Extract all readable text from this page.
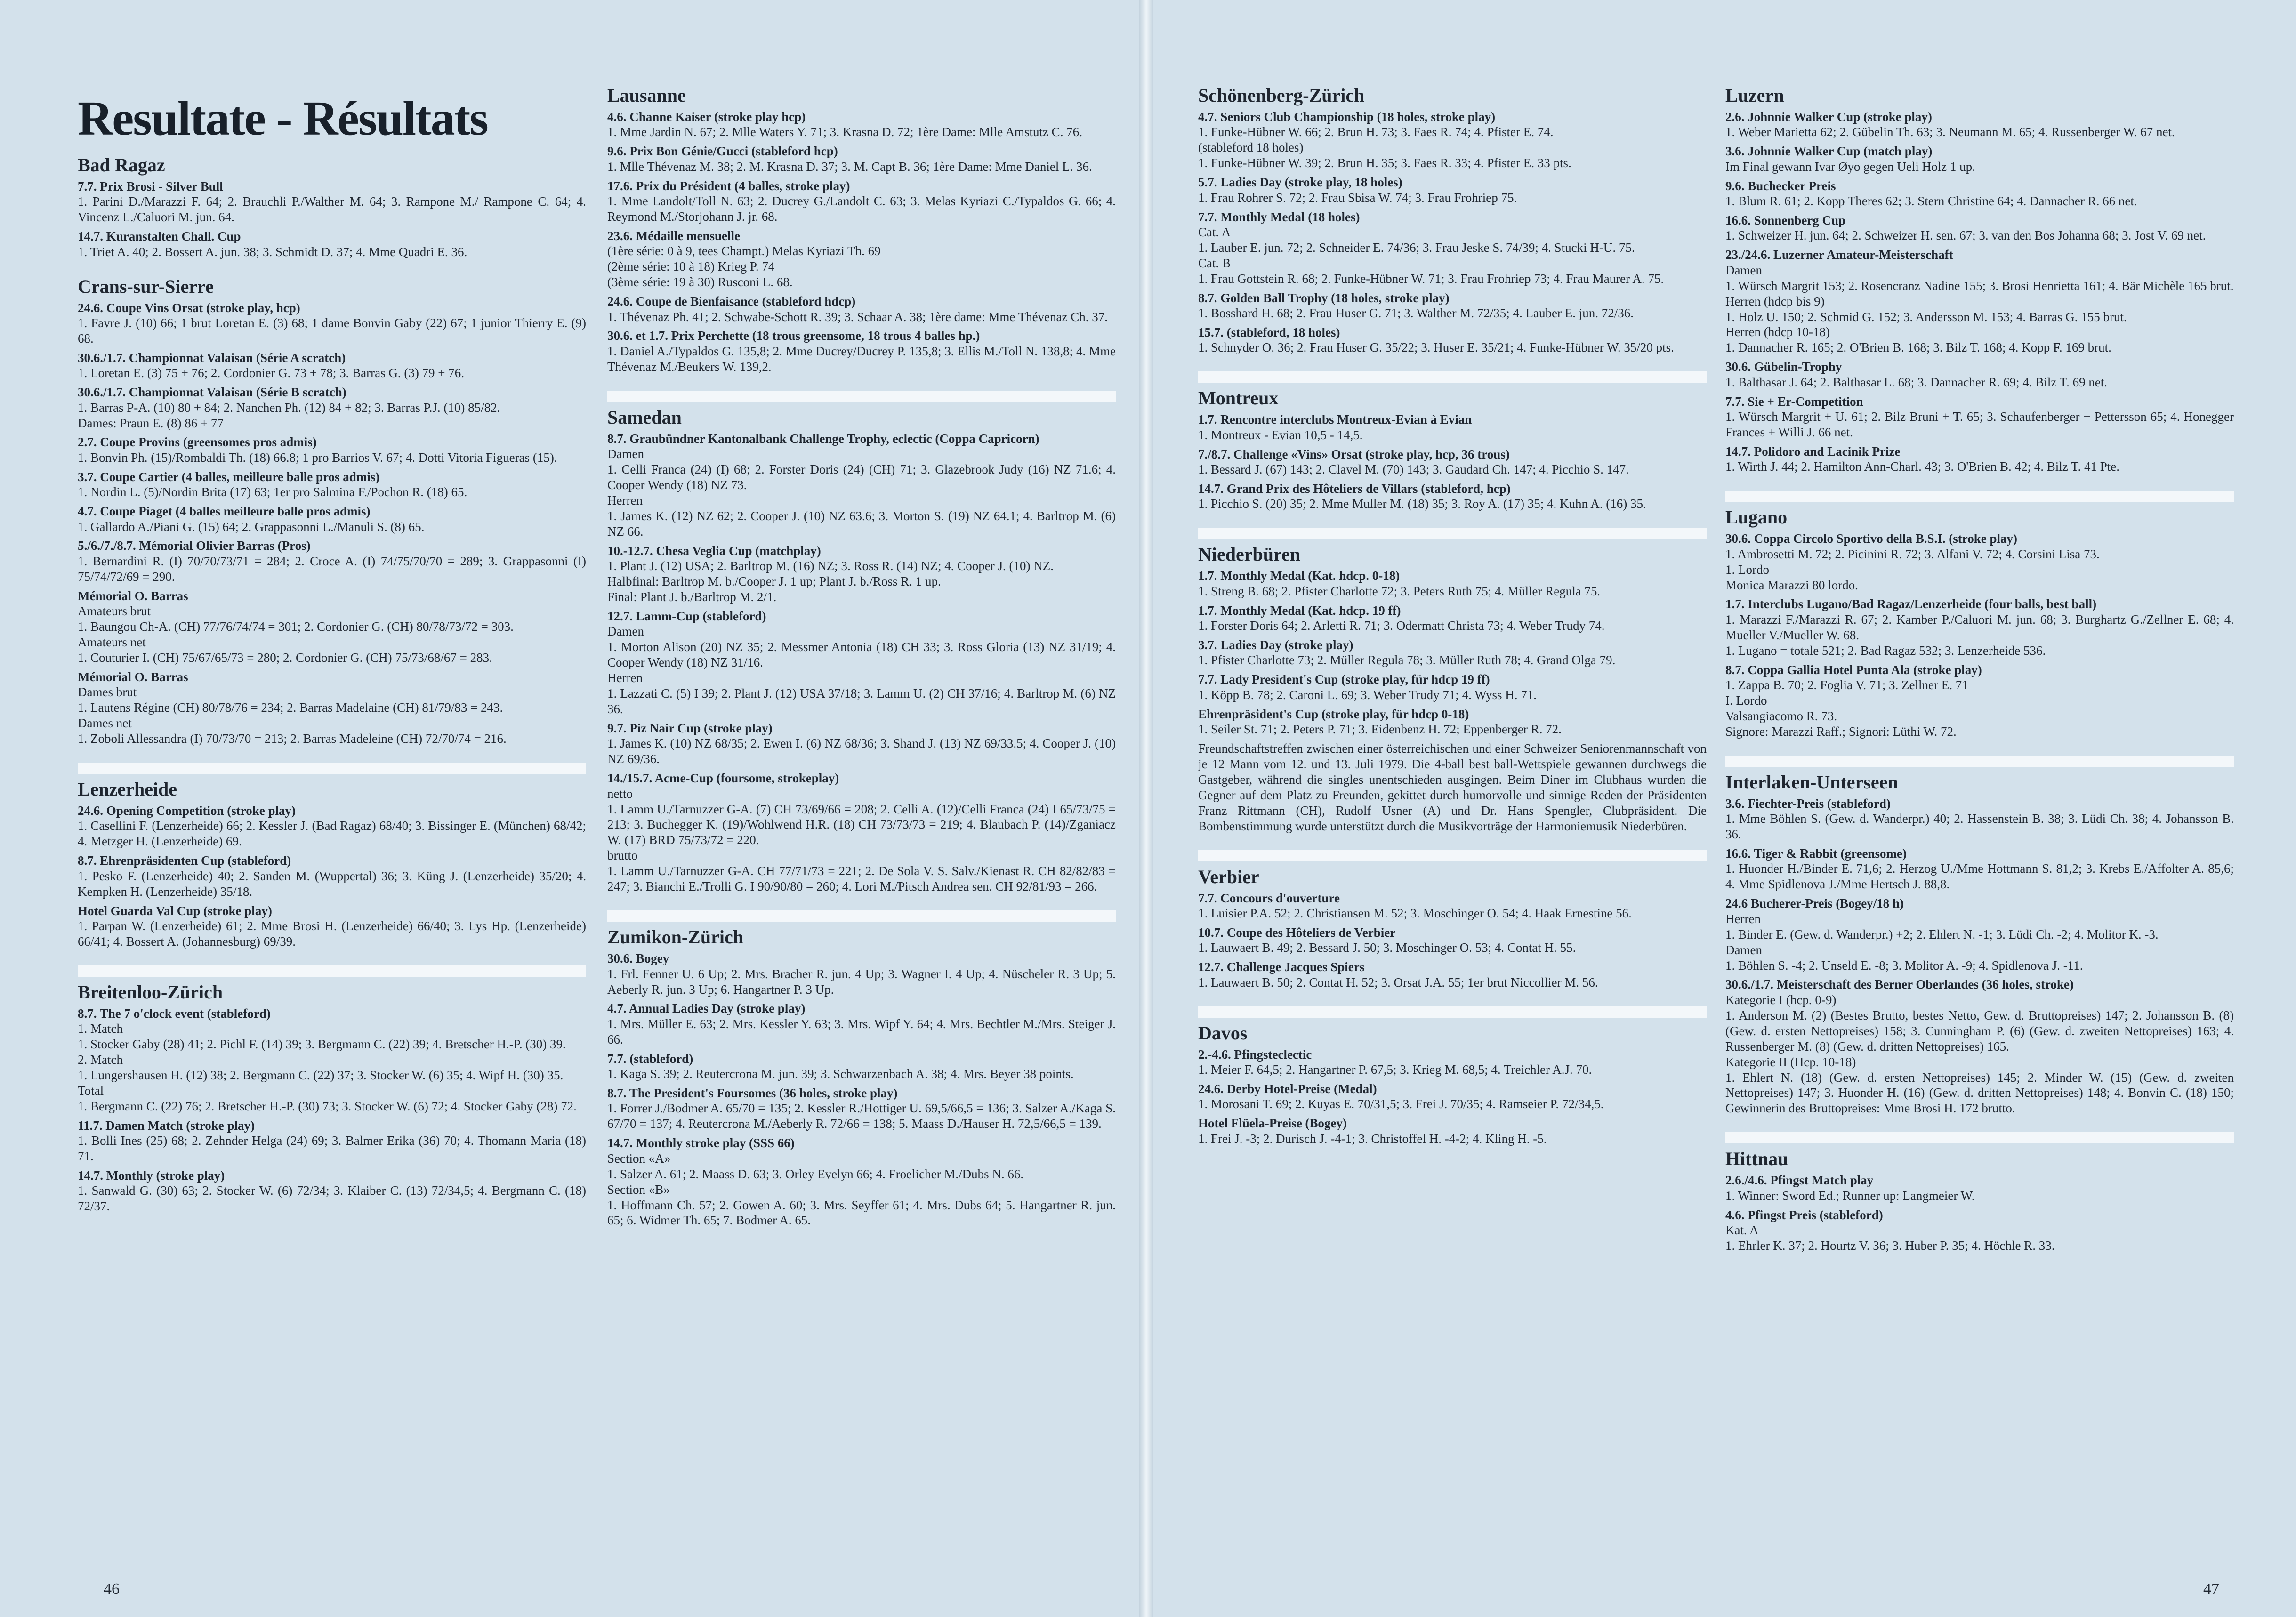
Resultate - Résultats
Bad Ragaz
7.7. Prix Brosi - Silver Bull
1. Parini D./Marazzi F. 64; 2. Brauchli P./Walther M. 64; 3. Rampone M./ Rampone C. 64; 4. Vincenz L./Caluori M. jun. 64.
14.7. Kuranstalten Chall. Cup
1. Triet A. 40; 2. Bossert A. jun. 38; 3. Schmidt D. 37; 4. Mme Quadri E. 36.
Crans-sur-Sierre
24.6. Coupe Vins Orsat (stroke play, hcp)
1. Favre J. (10) 66; 1 brut Loretan E. (3) 68; 1 dame Bonvin Gaby (22) 67; 1 junior Thierry E. (9) 68.
30.6./1.7. Championnat Valaisan (Série A scratch)
1. Loretan E. (3) 75 + 76; 2. Cordonier G. 73 + 78; 3. Barras G. (3) 79 + 76.
30.6./1.7. Championnat Valaisan (Série B scratch)
1. Barras P-A. (10) 80 + 84; 2. Nanchen Ph. (12) 84 + 82; 3. Barras P.J. (10) 85/82.
Dames: Praun E. (8) 86 + 77
2.7. Coupe Provins (greensomes pros admis)
1. Bonvin Ph. (15)/Rombaldi Th. (18) 66.8; 1 pro Barrios V. 67; 4. Dotti Vitoria Figueras (15).
3.7. Coupe Cartier (4 balles, meilleure balle pros admis)
1. Nordin L. (5)/Nordin Brita (17) 63; 1er pro Salmina F./Pochon R. (18) 65.
4.7. Coupe Piaget (4 balles meilleure balle pros admis)
1. Gallardo A./Piani G. (15) 64; 2. Grappasonni L./Manuli S. (8) 65.
5./6./7./8.7. Mémorial Olivier Barras (Pros)
1. Bernardini R. (I) 70/70/73/71 = 284; 2. Croce A. (I) 74/75/70/70 = 289; 3. Grappasonni (I) 75/74/72/69 = 290.
Mémorial O. Barras
Amateurs brut
1. Baungou Ch-A. (CH) 77/76/74/74 = 301; 2. Cordonier G. (CH) 80/78/73/72 = 303.
Amateurs net
1. Couturier I. (CH) 75/67/65/73 = 280; 2. Cordonier G. (CH) 75/73/68/67 = 283.
Mémorial O. Barras
Dames brut
1. Lautens Régine (CH) 80/78/76 = 234; 2. Barras Madelaine (CH) 81/79/83 = 243.
Dames net
1. Zoboli Allessandra (I) 70/73/70 = 213; 2. Barras Madeleine (CH) 72/70/74 = 216.
Lenzerheide
24.6. Opening Competition (stroke play)
1. Casellini F. (Lenzerheide) 66; 2. Kessler J. (Bad Ragaz) 68/40; 3. Bissinger E. (München) 68/42; 4. Metzger H. (Lenzerheide) 69.
8.7. Ehrenpräsidenten Cup (stableford)
1. Pesko F. (Lenzerheide) 40; 2. Sanden M. (Wuppertal) 36; 3. Küng J. (Lenzerheide) 35/20; 4. Kempken H. (Lenzerheide) 35/18.
Hotel Guarda Val Cup (stroke play)
1. Parpan W. (Lenzerheide) 61; 2. Mme Brosi H. (Lenzerheide) 66/40; 3. Lys Hp. (Lenzerheide) 66/41; 4. Bossert A. (Johannesburg) 69/39.
Breitenloo-Zürich
8.7. The 7 o'clock event (stableford)
1. Match
1. Stocker Gaby (28) 41; 2. Pichl F. (14) 39; 3. Bergmann C. (22) 39; 4. Bretscher H.-P. (30) 39.
2. Match
1. Lungershausen H. (12) 38; 2. Bergmann C. (22) 37; 3. Stocker W. (6) 35; 4. Wipf H. (30) 35.
Total
1. Bergmann C. (22) 76; 2. Bretscher H.-P. (30) 73; 3. Stocker W. (6) 72; 4. Stocker Gaby (28) 72.
11.7. Damen Match (stroke play)
1. Bolli Ines (25) 68; 2. Zehnder Helga (24) 69; 3. Balmer Erika (36) 70; 4. Thomann Maria (18) 71.
14.7. Monthly (stroke play)
1. Sanwald G. (30) 63; 2. Stocker W. (6) 72/34; 3. Klaiber C. (13) 72/34,5; 4. Bergmann C. (18) 72/37.
Lausanne
4.6. Channe Kaiser (stroke play hcp)
1. Mme Jardin N. 67; 2. Mlle Waters Y. 71; 3. Krasna D. 72; 1ère Dame: Mlle Amstutz C. 76.
9.6. Prix Bon Génie/Gucci (stableford hcp)
1. Mlle Thévenaz M. 38; 2. M. Krasna D. 37; 3. M. Capt B. 36; 1ère Dame: Mme Daniel L. 36.
17.6. Prix du Président (4 balles, stroke play)
1. Mme Landolt/Toll N. 63; 2. Ducrey G./Landolt C. 63; 3. Melas Kyriazi C./Typaldos G. 66; 4. Reymond M./Storjohann J. jr. 68.
23.6. Médaille mensuelle
(1ère série: 0 à 9, tees Champt.) Melas Kyriazi Th. 69
(2ème série: 10 à 18) Krieg P. 74
(3ème série: 19 à 30) Rusconi L. 68.
24.6. Coupe de Bienfaisance (stableford hdcp)
1. Thévenaz Ph. 41; 2. Schwabe-Schott R. 39; 3. Schaar A. 38; 1ère dame: Mme Thévenaz Ch. 37.
30.6. et 1.7. Prix Perchette (18 trous greensome, 18 trous 4 balles hp.)
1. Daniel A./Typaldos G. 135,8; 2. Mme Ducrey/Ducrey P. 135,8; 3. Ellis M./Toll N. 138,8; 4. Mme Thévenaz M./Beukers W. 139,2.
Samedan
8.7. Graubündner Kantonalbank Challenge Trophy, eclectic (Coppa Capricorn)
Damen
1. Celli Franca (24) (I) 68; 2. Forster Doris (24) (CH) 71; 3. Glazebrook Judy (16) NZ 71.6; 4. Cooper Wendy (18) NZ 73.
Herren
1. James K. (12) NZ 62; 2. Cooper J. (10) NZ 63.6; 3. Morton S. (19) NZ 64.1; 4. Barltrop M. (6) NZ 66.
10.-12.7. Chesa Veglia Cup (matchplay)
1. Plant J. (12) USA; 2. Barltrop M. (16) NZ; 3. Ross R. (14) NZ; 4. Cooper J. (10) NZ.
Halbfinal: Barltrop M. b./Cooper J. 1 up; Plant J. b./Ross R. 1 up.
Final: Plant J. b./Barltrop M. 2/1.
12.7. Lamm-Cup (stableford)
Damen
1. Morton Alison (20) NZ 35; 2. Messmer Antonia (18) CH 33; 3. Ross Gloria (13) NZ 31/19; 4. Cooper Wendy (18) NZ 31/16.
Herren
1. Lazzati C. (5) I 39; 2. Plant J. (12) USA 37/18; 3. Lamm U. (2) CH 37/16; 4. Barltrop M. (6) NZ 36.
9.7. Piz Nair Cup (stroke play)
1. James K. (10) NZ 68/35; 2. Ewen I. (6) NZ 68/36; 3. Shand J. (13) NZ 69/33.5; 4. Cooper J. (10) NZ 69/36.
14./15.7. Acme-Cup (foursome, strokeplay)
netto
1. Lamm U./Tarnuzzer G-A. (7) CH 73/69/66 = 208; 2. Celli A. (12)/Celli Franca (24) I 65/73/75 = 213; 3. Buchegger K. (19)/Wohlwend H.R. (18) CH 73/73/73 = 219; 4. Blaubach P. (14)/Zganiacz W. (17) BRD 75/73/72 = 220.
brutto
1. Lamm U./Tarnuzzer G-A. CH 77/71/73 = 221; 2. De Sola V. S. Salv./Kienast R. CH 82/82/83 = 247; 3. Bianchi E./Trolli G. I 90/90/80 = 260; 4. Lori M./Pitsch Andrea sen. CH 92/81/93 = 266.
Zumikon-Zürich
30.6. Bogey
1. Frl. Fenner U. 6 Up; 2. Mrs. Bracher R. jun. 4 Up; 3. Wagner I. 4 Up; 4. Nüscheler R. 3 Up; 5. Aeberly R. jun. 3 Up; 6. Hangartner P. 3 Up.
4.7. Annual Ladies Day (stroke play)
1. Mrs. Müller E. 63; 2. Mrs. Kessler Y. 63; 3. Mrs. Wipf Y. 64; 4. Mrs. Bechtler M./Mrs. Steiger J. 66.
7.7. (stableford)
1. Kaga S. 39; 2. Reutercrona M. jun. 39; 3. Schwarzenbach A. 38; 4. Mrs. Beyer 38 points.
8.7. The President's Foursomes (36 holes, stroke play)
1. Forrer J./Bodmer A. 65/70 = 135; 2. Kessler R./Hottiger U. 69,5/66,5 = 136; 3. Salzer A./Kaga S. 67/70 = 137; 4. Reutercrona M./Aeberly R. 72/66 = 138; 5. Maass D./Hauser H. 72,5/66,5 = 139.
14.7. Monthly stroke play (SSS 66)
Section «A»
1. Salzer A. 61; 2. Maass D. 63; 3. Orley Evelyn 66; 4. Froelicher M./Dubs N. 66.
Section «B»
1. Hoffmann Ch. 57; 2. Gowen A. 60; 3. Mrs. Seyffer 61; 4. Mrs. Dubs 64; 5. Hangartner R. jun. 65; 6. Widmer Th. 65; 7. Bodmer A. 65.
46
Schönenberg-Zürich
4.7. Seniors Club Championship (18 holes, stroke play)
1. Funke-Hübner W. 66; 2. Brun H. 73; 3. Faes R. 74; 4. Pfister E. 74.
(stableford 18 holes)
1. Funke-Hübner W. 39; 2. Brun H. 35; 3. Faes R. 33; 4. Pfister E. 33 pts.
5.7. Ladies Day (stroke play, 18 holes)
1. Frau Rohrer S. 72; 2. Frau Sbisa W. 74; 3. Frau Frohriep 75.
7.7. Monthly Medal (18 holes)
Cat. A
1. Lauber E. jun. 72; 2. Schneider E. 74/36; 3. Frau Jeske S. 74/39; 4. Stucki H-U. 75.
Cat. B
1. Frau Gottstein R. 68; 2. Funke-Hübner W. 71; 3. Frau Frohriep 73; 4. Frau Maurer A. 75.
8.7. Golden Ball Trophy (18 holes, stroke play)
1. Bosshard H. 68; 2. Frau Huser G. 71; 3. Walther M. 72/35; 4. Lauber E. jun. 72/36.
15.7. (stableford, 18 holes)
1. Schnyder O. 36; 2. Frau Huser G. 35/22; 3. Huser E. 35/21; 4. Funke-Hübner W. 35/20 pts.
Montreux
1.7. Rencontre interclubs Montreux-Evian à Evian
1. Montreux - Evian 10,5 - 14,5.
7./8.7. Challenge «Vins» Orsat (stroke play, hcp, 36 trous)
1. Bessard J. (67) 143; 2. Clavel M. (70) 143; 3. Gaudard Ch. 147; 4. Picchio S. 147.
14.7. Grand Prix des Hôteliers de Villars (stableford, hcp)
1. Picchio S. (20) 35; 2. Mme Muller M. (18) 35; 3. Roy A. (17) 35; 4. Kuhn A. (16) 35.
Niederbüren
1.7. Monthly Medal (Kat. hdcp. 0-18)
1. Streng B. 68; 2. Pfister Charlotte 72; 3. Peters Ruth 75; 4. Müller Regula 75.
1.7. Monthly Medal (Kat. hdcp. 19 ff)
1. Forster Doris 64; 2. Arletti R. 71; 3. Odermatt Christa 73; 4. Weber Trudy 74.
3.7. Ladies Day (stroke play)
1. Pfister Charlotte 73; 2. Müller Regula 78; 3. Müller Ruth 78; 4. Grand Olga 79.
7.7. Lady President's Cup (stroke play, für hdcp 19 ff)
1. Köpp B. 78; 2. Caroni L. 69; 3. Weber Trudy 71; 4. Wyss H. 71.
Ehrenpräsident's Cup (stroke play, für hdcp 0-18)
1. Seiler St. 71; 2. Peters P. 71; 3. Eidenbenz H. 72; Eppenberger R. 72.
Freundschaftstreffen zwischen einer österreichischen und einer Schweizer Seniorenmannschaft von je 12 Mann vom 12. und 13. Juli 1979. Die 4-ball best ball-Wettspiele gewannen durchwegs die Gastgeber, während die singles unentschieden ausgingen. Beim Diner im Clubhaus wurden die Gegner auf dem Platz zu Freunden, gekittet durch humorvolle und sinnige Reden der Präsidenten Franz Rittmann (CH), Rudolf Usner (A) und Dr. Hans Spengler, Clubpräsident. Die Bombenstimmung wurde unterstützt durch die Musikvorträge der Harmoniemusik Niederbüren.
Verbier
7.7. Concours d'ouverture
1. Luisier P.A. 52; 2. Christiansen M. 52; 3. Moschinger O. 54; 4. Haak Ernestine 56.
10.7. Coupe des Hôteliers de Verbier
1. Lauwaert B. 49; 2. Bessard J. 50; 3. Moschinger O. 53; 4. Contat H. 55.
12.7. Challenge Jacques Spiers
1. Lauwaert B. 50; 2. Contat H. 52; 3. Orsat J.A. 55; 1er brut Niccollier M. 56.
Davos
2.-4.6. Pfingsteclectic
1. Meier F. 64,5; 2. Hangartner P. 67,5; 3. Krieg M. 68,5; 4. Treichler A.J. 70.
24.6. Derby Hotel-Preise (Medal)
1. Morosani T. 69; 2. Kuyas E. 70/31,5; 3. Frei J. 70/35; 4. Ramseier P. 72/34,5.
Hotel Flüela-Preise (Bogey)
1. Frei J. -3; 2. Durisch J. -4-1; 3. Christoffel H. -4-2; 4. Kling H. -5.
Luzern
2.6. Johnnie Walker Cup (stroke play)
1. Weber Marietta 62; 2. Gübelin Th. 63; 3. Neumann M. 65; 4. Russenberger W. 67 net.
3.6. Johnnie Walker Cup (match play)
Im Final gewann Ivar Øyo gegen Ueli Holz 1 up.
9.6. Buchecker Preis
1. Blum R. 61; 2. Kopp Theres 62; 3. Stern Christine 64; 4. Dannacher R. 66 net.
16.6. Sonnenberg Cup
1. Schweizer H. jun. 64; 2. Schweizer H. sen. 67; 3. van den Bos Johanna 68; 3. Jost V. 69 net.
23./24.6. Luzerner Amateur-Meisterschaft
Damen
1. Würsch Margrit 153; 2. Rosencranz Nadine 155; 3. Brosi Henrietta 161; 4. Bär Michèle 165 brut.
Herren (hdcp bis 9)
1. Holz U. 150; 2. Schmid G. 152; 3. Andersson M. 153; 4. Barras G. 155 brut.
Herren (hdcp 10-18)
1. Dannacher R. 165; 2. O'Brien B. 168; 3. Bilz T. 168; 4. Kopp F. 169 brut.
30.6. Gübelin-Trophy
1. Balthasar J. 64; 2. Balthasar L. 68; 3. Dannacher R. 69; 4. Bilz T. 69 net.
7.7. Sie + Er-Competition
1. Würsch Margrit + U. 61; 2. Bilz Bruni + T. 65; 3. Schaufenberger + Pettersson 65; 4. Honegger Frances + Willi J. 66 net.
14.7. Polidoro and Lacinik Prize
1. Wirth J. 44; 2. Hamilton Ann-Charl. 43; 3. O'Brien B. 42; 4. Bilz T. 41 Pte.
Lugano
30.6. Coppa Circolo Sportivo della B.S.I. (stroke play)
1. Ambrosetti M. 72; 2. Picinini R. 72; 3. Alfani V. 72; 4. Corsini Lisa 73.
1. Lordo
Monica Marazzi 80 lordo.
1.7. Interclubs Lugano/Bad Ragaz/Lenzerheide (four balls, best ball)
1. Marazzi F./Marazzi R. 67; 2. Kamber P./Caluori M. jun. 68; 3. Burghartz G./Zellner E. 68; 4. Mueller V./Mueller W. 68.
1. Lugano = totale 521; 2. Bad Ragaz 532; 3. Lenzerheide 536.
8.7. Coppa Gallia Hotel Punta Ala (stroke play)
1. Zappa B. 70; 2. Foglia V. 71; 3. Zellner E. 71
I. Lordo
Valsangiacomo R. 73.
Signore: Marazzi Raff.; Signori: Lüthi W. 72.
Interlaken-Unterseen
3.6. Fiechter-Preis (stableford)
1. Mme Böhlen S. (Gew. d. Wanderpr.) 40; 2. Hassenstein B. 38; 3. Lüdi Ch. 38; 4. Johansson B. 36.
16.6. Tiger & Rabbit (greensome)
1. Huonder H./Binder E. 71,6; 2. Herzog U./Mme Hottmann S. 81,2; 3. Krebs E./Affolter A. 85,6; 4. Mme Spidlenova J./Mme Hertsch J. 88,8.
24.6 Bucherer-Preis (Bogey/18 h)
Herren
1. Binder E. (Gew. d. Wanderpr.) +2; 2. Ehlert N. -1; 3. Lüdi Ch. -2; 4. Molitor K. -3.
Damen
1. Böhlen S. -4; 2. Unseld E. -8; 3. Molitor A. -9; 4. Spidlenova J. -11.
30.6./1.7. Meisterschaft des Berner Oberlandes (36 holes, stroke)
Kategorie I (hcp. 0-9)
1. Anderson M. (2) (Bestes Brutto, bestes Netto, Gew. d. Bruttopreises) 147; 2. Johansson B. (8) (Gew. d. ersten Nettopreises) 158; 3. Cunningham P. (6) (Gew. d. zweiten Nettopreises) 163; 4. Russenberger M. (8) (Gew. d. dritten Nettopreises) 165.
Kategorie II (Hcp. 10-18)
1. Ehlert N. (18) (Gew. d. ersten Nettopreises) 145; 2. Minder W. (15) (Gew. d. zweiten Nettopreises) 147; 3. Huonder H. (16) (Gew. d. dritten Nettopreises) 148; 4. Bonvin C. (18) 150; Gewinnerin des Bruttopreises: Mme Brosi H. 172 brutto.
Hittnau
2.6./4.6. Pfingst Match play
1. Winner: Sword Ed.; Runner up: Langmeier W.
4.6. Pfingst Preis (stableford)
Kat. A
1. Ehrler K. 37; 2. Hourtz V. 36; 3. Huber P. 35; 4. Höchle R. 33.
47
